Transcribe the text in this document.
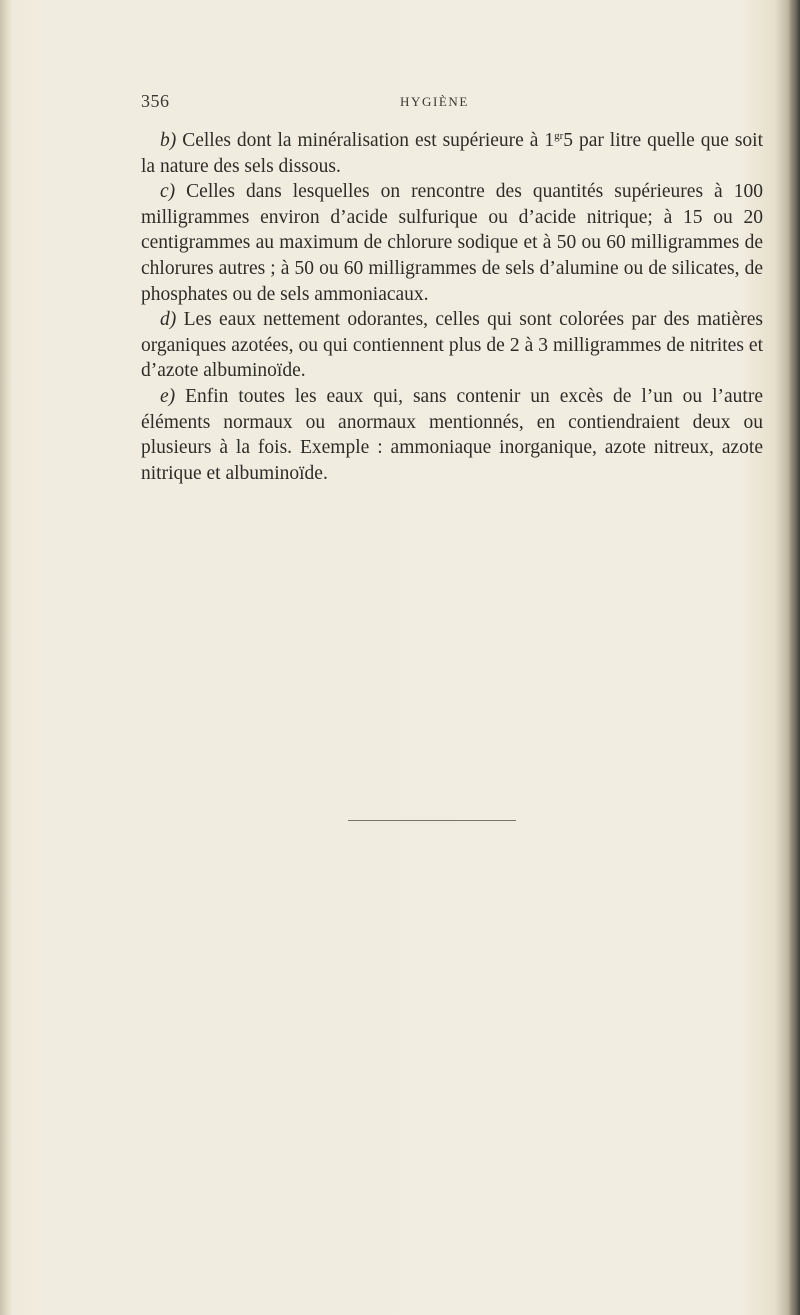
356	HYGIÈNE

b) Celles dont la minéralisation est supérieure à $1^{gr}5$ par litre quelle que soit la nature des sels dissous.

c) Celles dans lesquelles on rencontre des quantités supérieures à 100 milligrammes environ d’acide sulfurique ou d’acide nitrique; à 15 ou 20 centigrammes au maximum de chlorure sodique et à 50 ou 60 milligrammes de chlorures autres ; à 50 ou 60 milligrammes de sels d’alumine ou de silicates, de phosphates ou de sels ammoniacaux.

d) Les eaux nettement odorantes, celles qui sont colorées par des matières organiques azotées, ou qui contiennent plus de 2 à 3 milligrammes de nitrites et d’azote albuminoïde.

e) Enfin toutes les eaux qui, sans contenir un excès de l’un ou l’autre éléments normaux ou anormaux mentionnés, en contiendraient deux ou plusieurs à la fois. Exemple : ammoniaque inorganique, azote nitreux, azote nitrique et albuminoïde.
